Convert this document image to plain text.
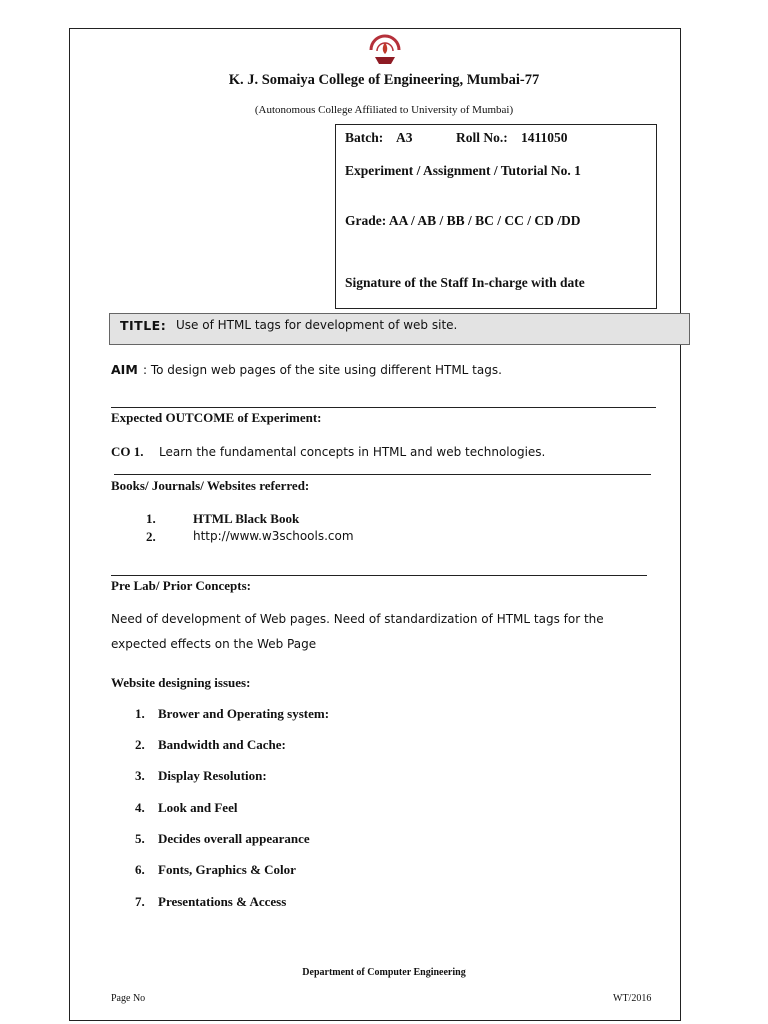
K. J. Somaiya College of Engineering, Mumbai-77
(Autonomous College Affiliated to University of Mumbai)
Batch: A3	Roll No.: 1411050
Experiment / Assignment / Tutorial No. 1
Grade: AA / AB / BB / BC / CC / CD /DD
Signature of the Staff In-charge with date
TITLE: Use of HTML tags for development of web site.
AIM : To design web pages of the site using different HTML tags.
Expected OUTCOME of Experiment:
CO 1. Learn the fundamental concepts in HTML and web technologies.
Books/ Journals/ Websites referred:
1.	HTML Black Book
2.	http://www.w3schools.com
Pre Lab/ Prior Concepts:
Need of development of Web pages. Need of standardization of HTML tags for the
expected effects on the Web Page
Website designing issues:
1. Brower and Operating system:
2. Bandwidth and Cache:
3. Display Resolution:
4. Look and Feel
5. Decides overall appearance
6. Fonts, Graphics & Color
7. Presentations & Access
Department of Computer Engineering
Page No	WT/2016
